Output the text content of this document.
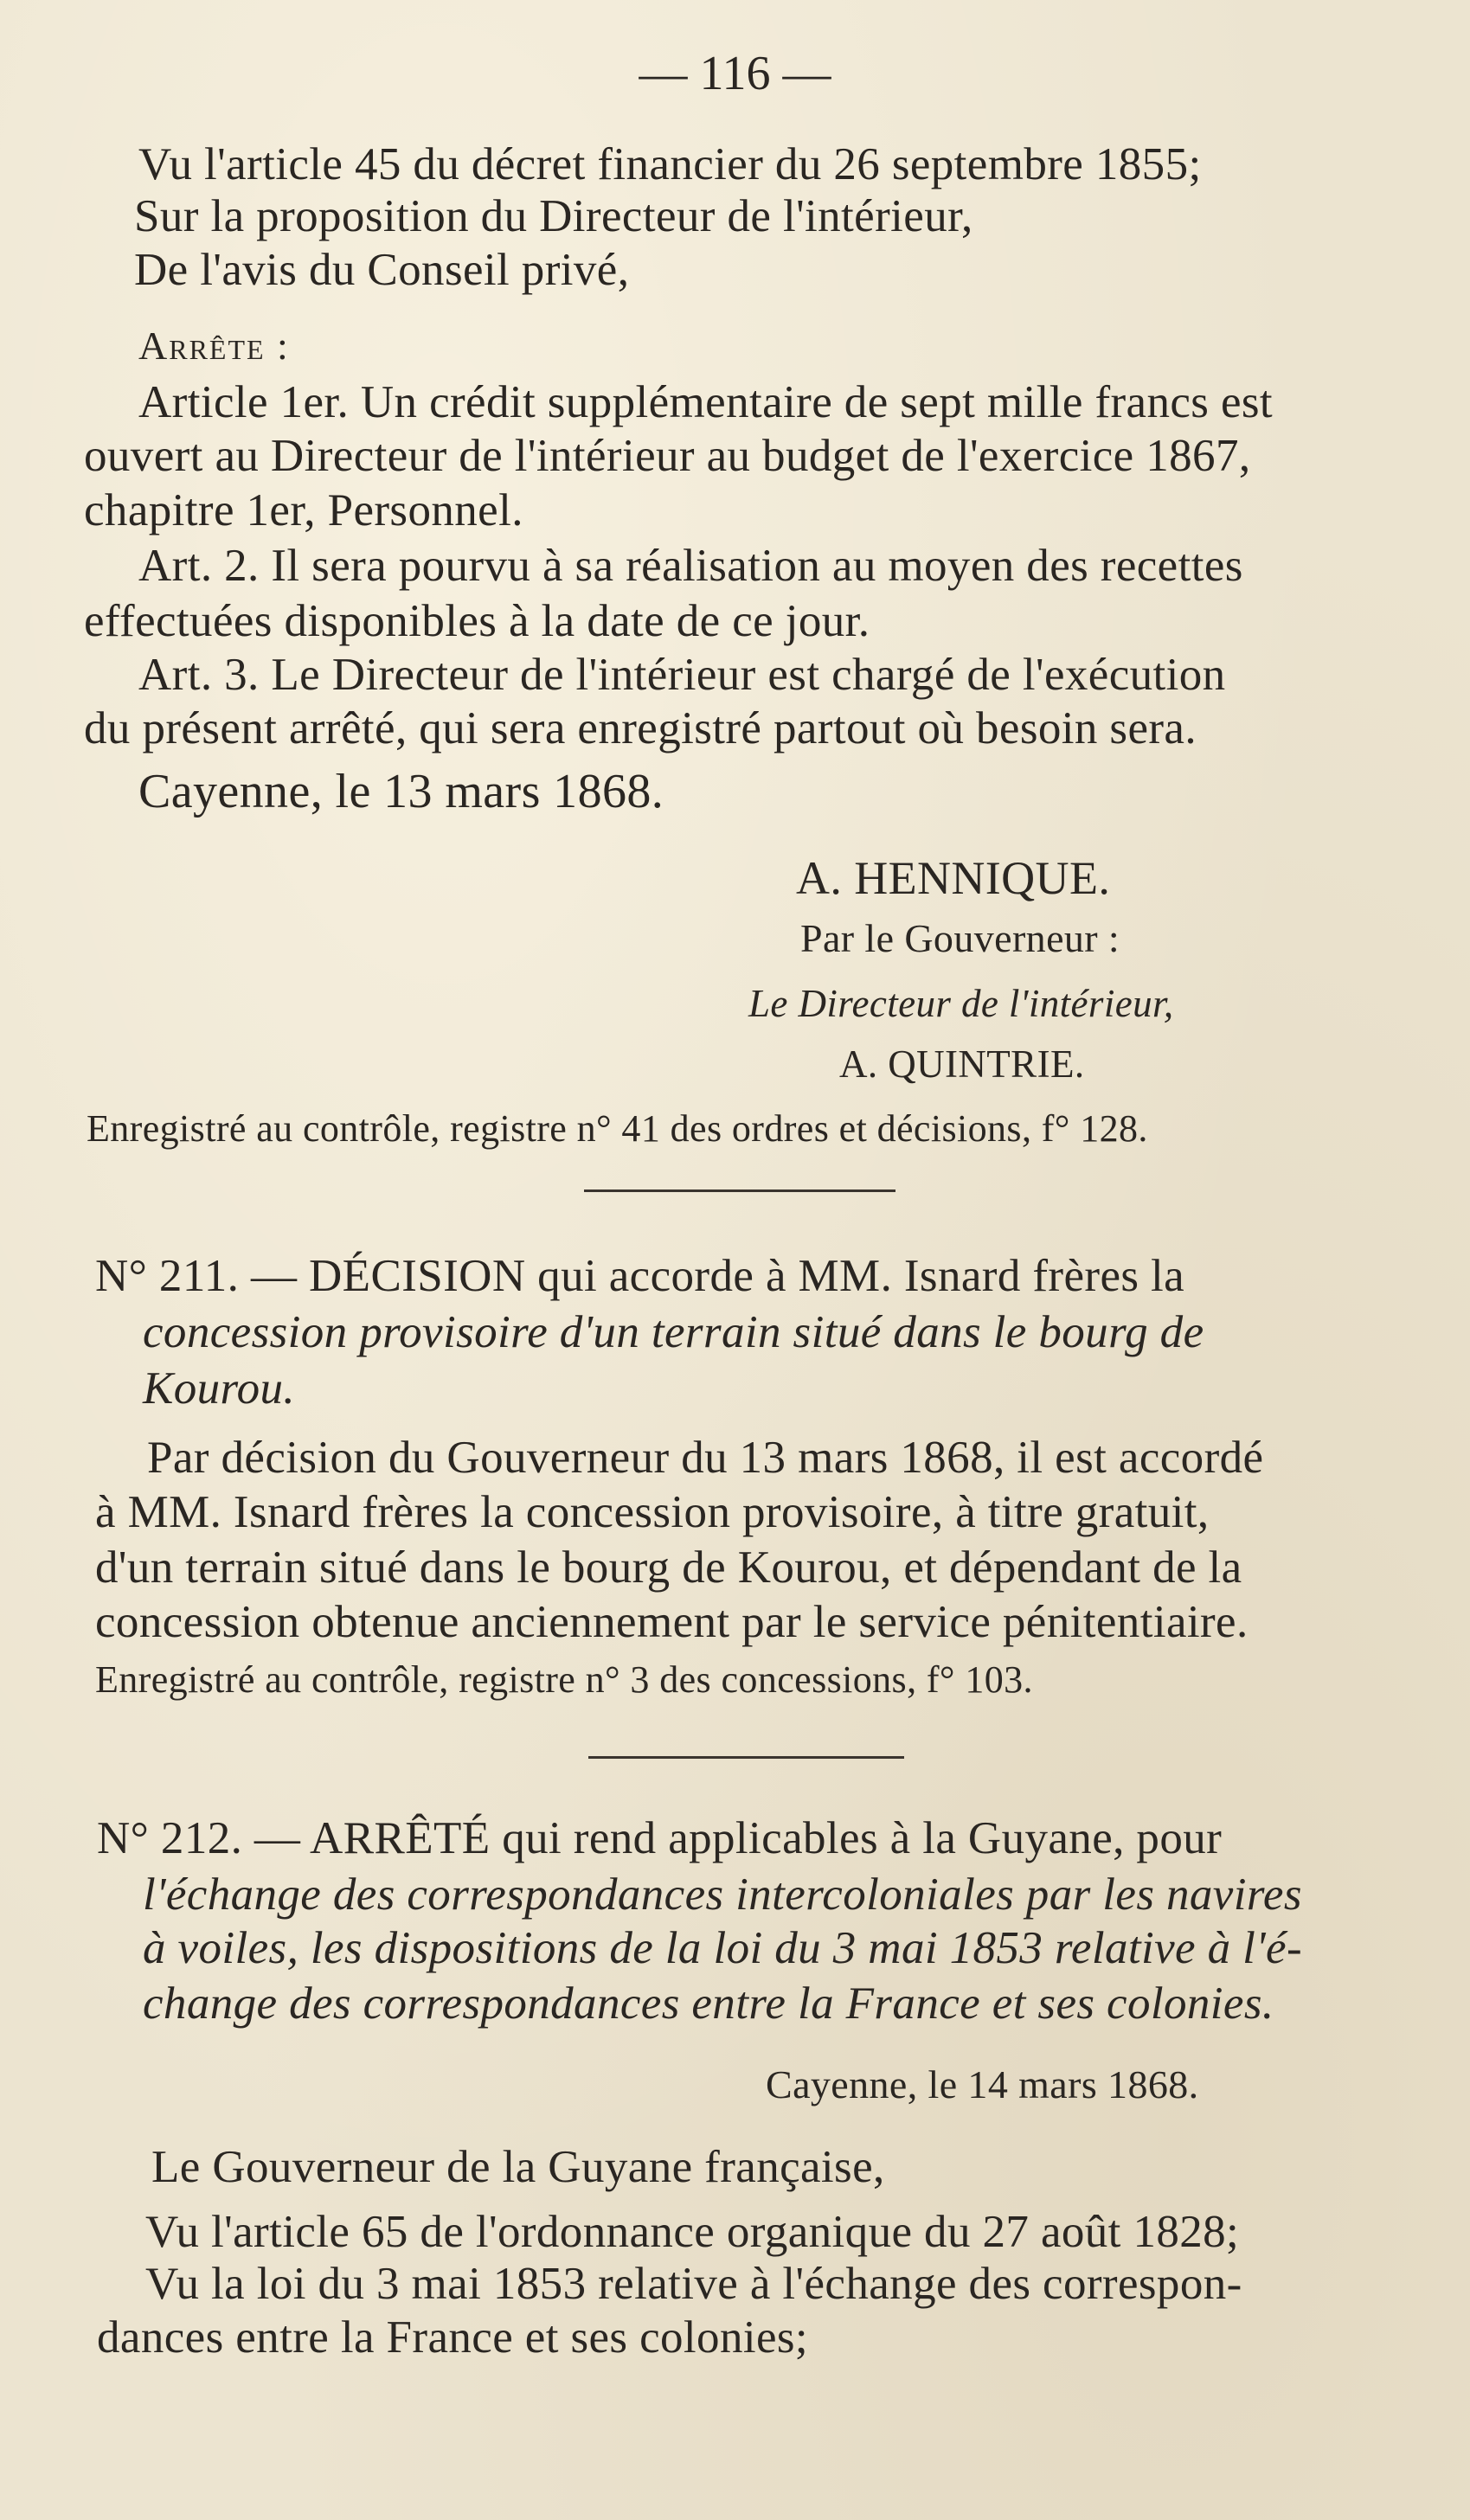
— 116 —
Vu l'article 45 du décret financier du 26 septembre 1855;
Sur la proposition du Directeur de l'intérieur,
De l'avis du Conseil privé,
Arrête :
Article 1er. Un crédit supplémentaire de sept mille francs est
ouvert au Directeur de l'intérieur au budget de l'exercice 1867,
chapitre 1er, Personnel.
Art. 2. Il sera pourvu à sa réalisation au moyen des recettes
effectuées disponibles à la date de ce jour.
Art. 3. Le Directeur de l'intérieur est chargé de l'exécution
du présent arrêté, qui sera enregistré partout où besoin sera.
Cayenne, le 13 mars 1868.
A. HENNIQUE.
Par le Gouverneur :
Le Directeur de l'intérieur,
A. QUINTRIE.
Enregistré au contrôle, registre n° 41 des ordres et décisions, f° 128.
N° 211. — DÉCISION qui accorde à MM. Isnard frères la
concession provisoire d'un terrain situé dans le bourg de
Kourou.
Par décision du Gouverneur du 13 mars 1868, il est accordé
à MM. Isnard frères la concession provisoire, à titre gratuit,
d'un terrain situé dans le bourg de Kourou, et dépendant de la
concession obtenue anciennement par le service pénitentiaire.
Enregistré au contrôle, registre n° 3 des concessions, f° 103.
N° 212. — ARRÊTÉ qui rend applicables à la Guyane, pour
l'échange des correspondances intercoloniales par les navires
à voiles, les dispositions de la loi du 3 mai 1853 relative à l'é-
change des correspondances entre la France et ses colonies.
Cayenne, le 14 mars 1868.
Le Gouverneur de la Guyane française,
Vu l'article 65 de l'ordonnance organique du 27 août 1828;
Vu la loi du 3 mai 1853 relative à l'échange des correspon-
dances entre la France et ses colonies;
